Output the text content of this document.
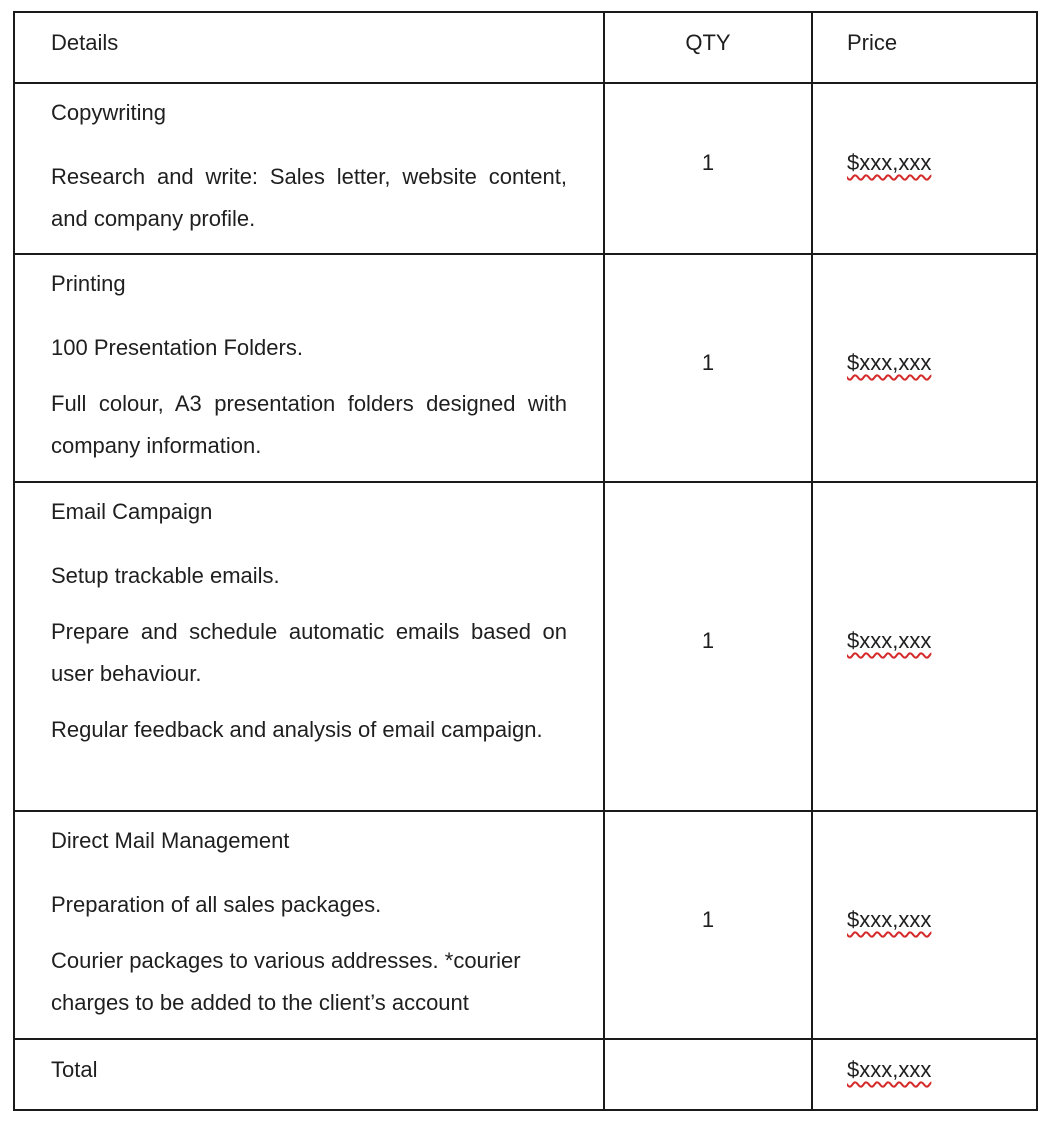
Details	QTY	Price

Copywriting

Research and write: Sales letter, website content, and company profile.	1	$xxx,xxx

Printing

100 Presentation Folders.

Full colour, A3 presentation folders designed with company information.	1	$xxx,xxx

Email Campaign

Setup trackable emails.

Prepare and schedule automatic emails based on user behaviour.

Regular feedback and analysis of email campaign.	1	$xxx,xxx

Direct Mail Management

Preparation of all sales packages.

Courier packages to various addresses. *courier charges to be added to the client’s account	1	$xxx,xxx

Total		$xxx,xxx
